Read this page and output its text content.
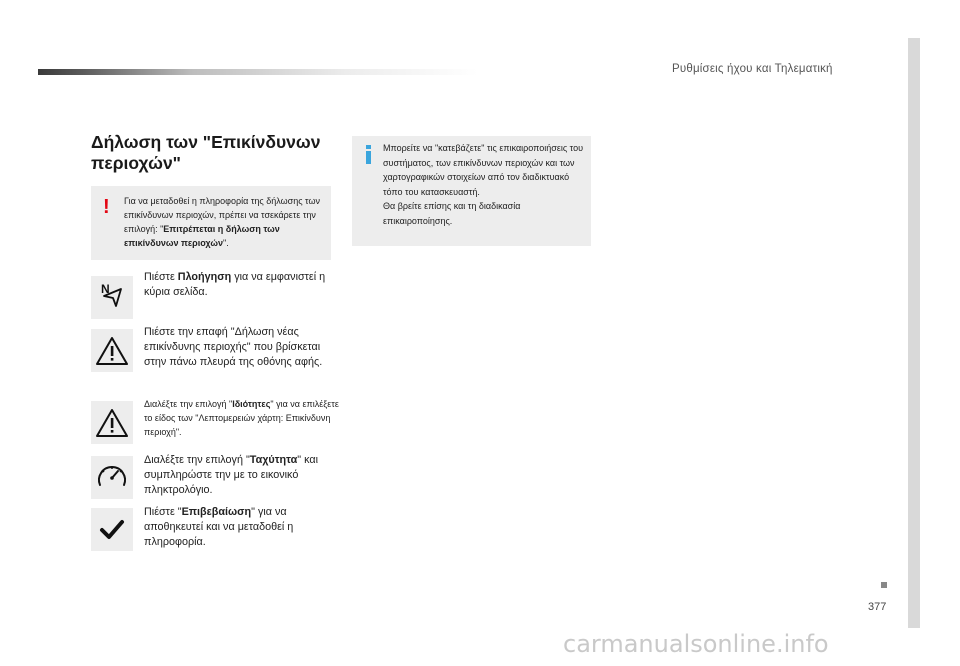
Ρυθμίσεις ήχου και Τηλεματική
377
Δήλωση των "Επικίνδυνων περιοχών"
! Για να μεταδοθεί η πληροφορία της δήλωσης των επικίνδυνων περιοχών, πρέπει να τσεκάρετε την επιλογή: "Επιτρέπεται η δήλωση των επικίνδυνων περιοχών".
Μπορείτε να "κατεβάζετε" τις επικαιροποιήσεις του συστήματος, των επικίνδυνων περιοχών και των χαρτογραφικών στοιχείων από τον διαδικτυακό τόπο του κατασκευαστή.
Θα βρείτε επίσης και τη διαδικασία επικαιροποίησης.
N
Πιέστε Πλοήγηση για να εμφανιστεί η κύρια σελίδα.
Πιέστε την επαφή "Δήλωση νέας επικίνδυνης περιοχής" που βρίσκεται στην πάνω πλευρά της οθόνης αφής.
Διαλέξτε την επιλογή "Ιδιότητες" για να επιλέξετε το είδος των "Λεπτομερειών χάρτη: Επικίνδυνη περιοχή".
Διαλέξτε την επιλογή "Ταχύτητα" και συμπληρώστε την με το εικονικό πληκτρολόγιο.
Πιέστε "Επιβεβαίωση" για να αποθηκευτεί και να μεταδοθεί η πληροφορία.
carmanualsonline.info
